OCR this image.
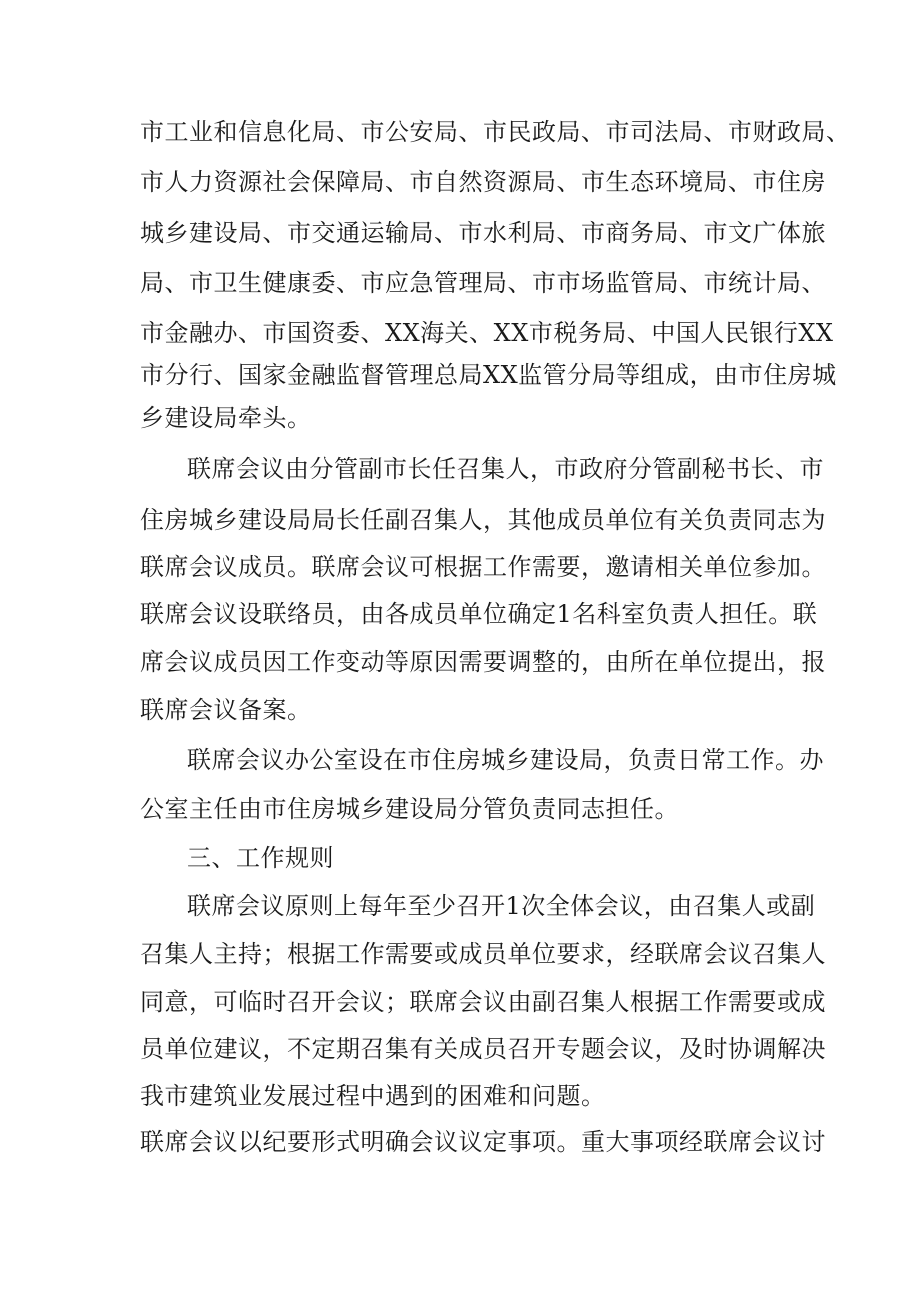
市工业和信息化局、市公安局、市民政局、市司法局、市财政局、
市人力资源社会保障局、市自然资源局、市生态环境局、市住房
城乡建设局、市交通运输局、市水利局、市商务局、市文广体旅
局、市卫生健康委、市应急管理局、市市场监管局、市统计局、
市金融办、市国资委、XX海关、XX市税务局、中国人民银行XX
市分行、国家金融监督管理总局XX监管分局等组成，由市住房城
乡建设局牵头。
联席会议由分管副市长任召集人，市政府分管副秘书长、市
住房城乡建设局局长任副召集人，其他成员单位有关负责同志为
联席会议成员。联席会议可根据工作需要，邀请相关单位参加。
联席会议设联络员，由各成员单位确定1名科室负责人担任。联
席会议成员因工作变动等原因需要调整的，由所在单位提出，报
联席会议备案。
联席会议办公室设在市住房城乡建设局，负责日常工作。办
公室主任由市住房城乡建设局分管负责同志担任。
三、工作规则
联席会议原则上每年至少召开1次全体会议，由召集人或副
召集人主持；根据工作需要或成员单位要求，经联席会议召集人
同意，可临时召开会议；联席会议由副召集人根据工作需要或成
员单位建议，不定期召集有关成员召开专题会议，及时协调解决
我市建筑业发展过程中遇到的困难和问题。
联席会议以纪要形式明确会议议定事项。重大事项经联席会议讨
